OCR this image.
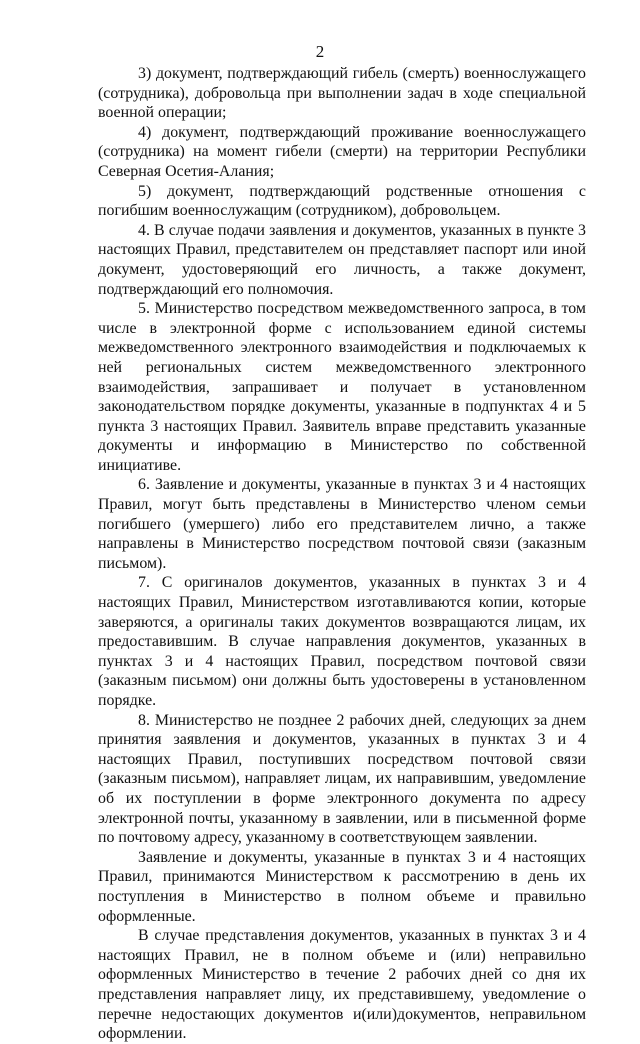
2

3) документ, подтверждающий гибель (смерть) военнослужащего (сотрудника), добровольца при выполнении задач в ходе специальной военной операции;

4) документ, подтверждающий проживание военнослужащего (сотрудника) на момент гибели (смерти) на территории Республики Северная Осетия-Алания;

5) документ, подтверждающий родственные отношения с погибшим военнослужащим (сотрудником), добровольцем.

4. В случае подачи заявления и документов, указанных в пункте 3 настоящих Правил, представителем он представляет паспорт или иной документ, удостоверяющий его личность, а также документ, подтверждающий его полномочия.

5. Министерство посредством межведомственного запроса, в том числе в электронной форме с использованием единой системы межведомственного электронного взаимодействия и подключаемых к ней региональных систем межведомственного электронного взаимодействия, запрашивает и получает в установленном законодательством порядке документы, указанные в подпунктах 4 и 5 пункта 3 настоящих Правил. Заявитель вправе представить указанные документы и информацию в Министерство по собственной инициативе.

6. Заявление и документы, указанные в пунктах 3 и 4 настоящих Правил, могут быть представлены в Министерство членом семьи погибшего (умершего) либо его представителем лично, а также направлены в Министерство посредством почтовой связи (заказным письмом).

7. С оригиналов документов, указанных в пунктах 3 и 4 настоящих Правил, Министерством изготавливаются копии, которые заверяются, а оригиналы таких документов возвращаются лицам, их предоставившим. В случае направления документов, указанных в пунктах 3 и 4 настоящих Правил, посредством почтовой связи (заказным письмом) они должны быть удостоверены в установленном порядке.

8. Министерство не позднее 2 рабочих дней, следующих за днем принятия заявления и документов, указанных в пунктах 3 и 4 настоящих Правил, поступивших посредством почтовой связи (заказным письмом), направляет лицам, их направившим, уведомление об их поступлении в форме электронного документа по адресу электронной почты, указанному в заявлении, или в письменной форме по почтовому адресу, указанному в соответствующем заявлении.

Заявление и документы, указанные в пунктах 3 и 4 настоящих Правил, принимаются Министерством к рассмотрению в день их поступления в Министерство в полном объеме и правильно оформленные.

В случае представления документов, указанных в пунктах 3 и 4 настоящих Правил, не в полном объеме и (или) неправильно оформленных Министерство в течение 2 рабочих дней со дня их представления направляет лицу, их представившему, уведомление о перечне недостающих документов и(или)документов, неправильном оформлении.
